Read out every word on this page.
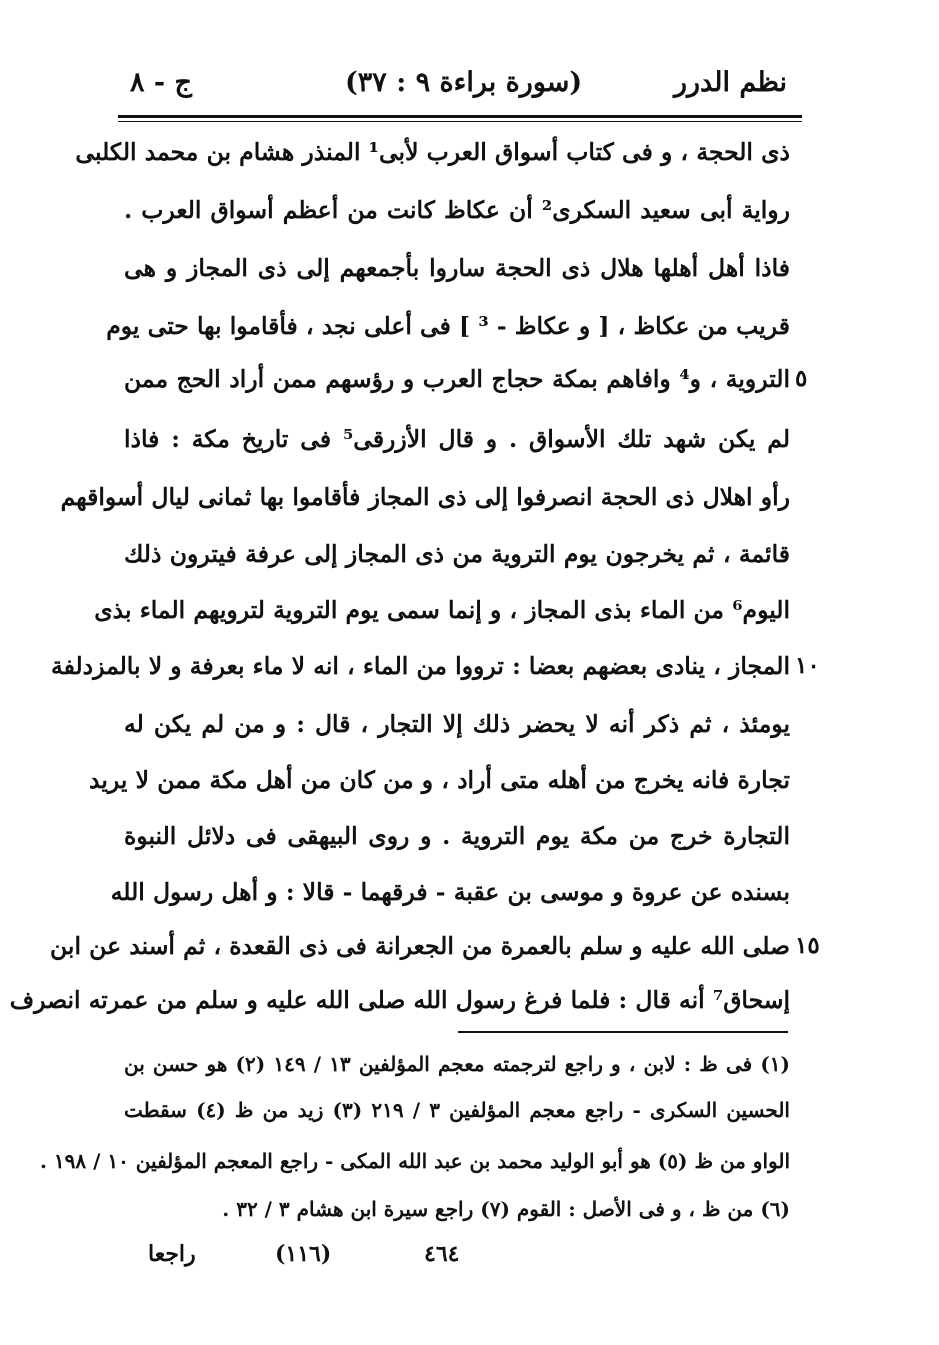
نظم الدرر
(سورة براءة ٩ : ٣٧)
ج - ٨
ذى الحجة ، و فى كتاب أسواق العرب لأبى¹ المنذر هشام بن محمد الكلبى
رواية أبى سعيد السكرى² أن عكاظ كانت من أعظم أسواق العرب .
فاذا أهل أهلها هلال ذى الحجة ساروا بأجمعهم إلى ذى المجاز و هى
قريب من عكاظ ، [ و عكاظ - ³ ] فى أعلى نجد ، فأقاموا بها حتى يوم
٥
التروية ، و⁴ وافاهم بمكة حجاج العرب و رؤسهم ممن أراد الحج ممن
لم يكن شهد تلك الأسواق . و قال الأزرقى⁵ فى تاريخ مكة : فاذا
رأو اهلال ذى الحجة انصرفوا إلى ذى المجاز فأقاموا بها ثمانى ليال أسواقهم
قائمة ، ثم يخرجون يوم التروية من ذى المجاز إلى عرفة فيترون ذلك
اليوم⁶ من الماء بذى المجاز ، و إنما سمى يوم التروية لترويهم الماء بذى
١٠
المجاز ، ينادى بعضهم بعضا : ترووا من الماء ، انه لا ماء بعرفة و لا بالمزدلفة
يومئذ ، ثم ذكر أنه لا يحضر ذلك إلا التجار ، قال : و من لم يكن له
تجارة فانه يخرج من أهله متى أراد ، و من كان من أهل مكة ممن لا يريد
التجارة خرج من مكة يوم التروية . و روى البيهقى فى دلائل النبوة
بسنده عن عروة و موسى بن عقبة - فرقهما - قالا : و أهل رسول الله
١٥
صلى الله عليه و سلم بالعمرة من الجعرانة فى ذى القعدة ، ثم أسند عن ابن
إسحاق⁷ أنه قال : فلما فرغ رسول الله صلى الله عليه و سلم من عمرته انصرف
(١) فى ظ : لابن ، و راجع لترجمته معجم المؤلفين ١٣ / ١٤٩ (٢) هو حسن بن
الحسين السكرى - راجع معجم المؤلفين ٣ / ٢١٩ (٣) زيد من ظ (٤) سقطت
الواو من ظ (٥) هو أبو الوليد محمد بن عبد الله المكى - راجع المعجم المؤلفين ١٠ / ١٩٨ .
(٦) من ظ ، و فى الأصل : القوم (٧) راجع سيرة ابن هشام ٣ / ٣٢ .
٤٦٤
(١١٦)
راجعا
